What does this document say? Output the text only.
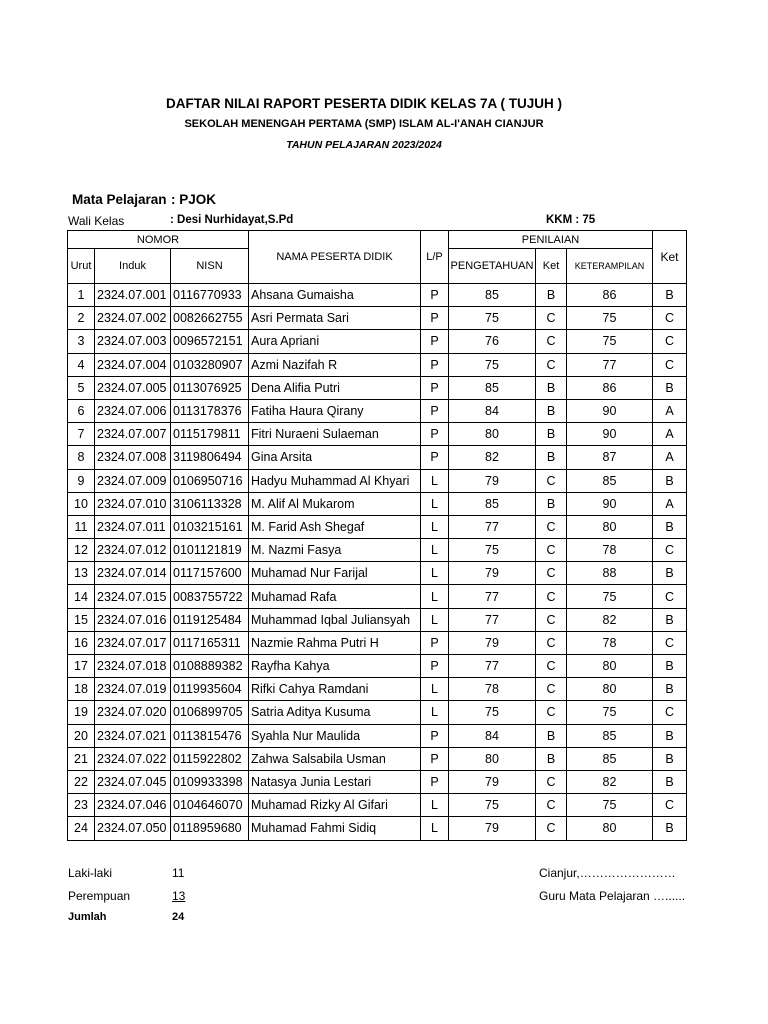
DAFTAR NILAI RAPORT PESERTA DIDIK KELAS 7A ( TUJUH )
SEKOLAH MENENGAH PERTAMA (SMP) ISLAM AL-I'ANAH CIANJUR
TAHUN PELAJARAN 2023/2024
Mata Pelajaran : PJOK
Wali Kelas	: Desi Nurhidayat,S.Pd	KKM : 75
NOMOR			NAMA PESERTA DIDIK	L/P	PENILAIAN			Ket
Urut	Induk	NISN			PENGETAHUAN	Ket	KETERAMPILAN	
1	2324.07.001	0116770933	Ahsana Gumaisha	P	85	B	86	B
2	2324.07.002	0082662755	Asri Permata Sari	P	75	C	75	C
3	2324.07.003	0096572151	Aura Apriani	P	76	C	75	C
4	2324.07.004	0103280907	Azmi Nazifah R	P	75	C	77	C
5	2324.07.005	0113076925	Dena Alifia Putri	P	85	B	86	B
6	2324.07.006	0113178376	Fatiha Haura Qirany	P	84	B	90	A
7	2324.07.007	0115179811	Fitri Nuraeni Sulaeman	P	80	B	90	A
8	2324.07.008	3119806494	Gina Arsita	P	82	B	87	A
9	2324.07.009	0106950716	Hadyu Muhammad Al Khyari	L	79	C	85	B
10	2324.07.010	3106113328	M. Alif Al Mukarom	L	85	B	90	A
11	2324.07.011	0103215161	M. Farid Ash Shegaf	L	77	C	80	B
12	2324.07.012	0101121819	M. Nazmi Fasya	L	75	C	78	C
13	2324.07.014	0117157600	Muhamad Nur Farijal	L	79	C	88	B
14	2324.07.015	0083755722	Muhamad Rafa	L	77	C	75	C
15	2324.07.016	0119125484	Muhammad Iqbal Juliansyah	L	77	C	82	B
16	2324.07.017	0117165311	Nazmie Rahma Putri H	P	79	C	78	C
17	2324.07.018	0108889382	Rayfha Kahya	P	77	C	80	B
18	2324.07.019	0119935604	Rifki Cahya Ramdani	L	78	C	80	B
19	2324.07.020	0106899705	Satria Aditya Kusuma	L	75	C	75	C
20	2324.07.021	0113815476	Syahla Nur Maulida	P	84	B	85	B
21	2324.07.022	0115922802	Zahwa Salsabila Usman	P	80	B	85	B
22	2324.07.045	0109933398	Natasya Junia Lestari	P	79	C	82	B
23	2324.07.046	0104646070	Muhamad Rizky Al Gifari	L	75	C	75	C
24	2324.07.050	0118959680	Muhamad Fahmi Sidiq	L	79	C	80	B
Laki-laki	11
Perempuan	13
Jumlah	24
Cianjur,……………………
Guru Mata Pelajaran …......
